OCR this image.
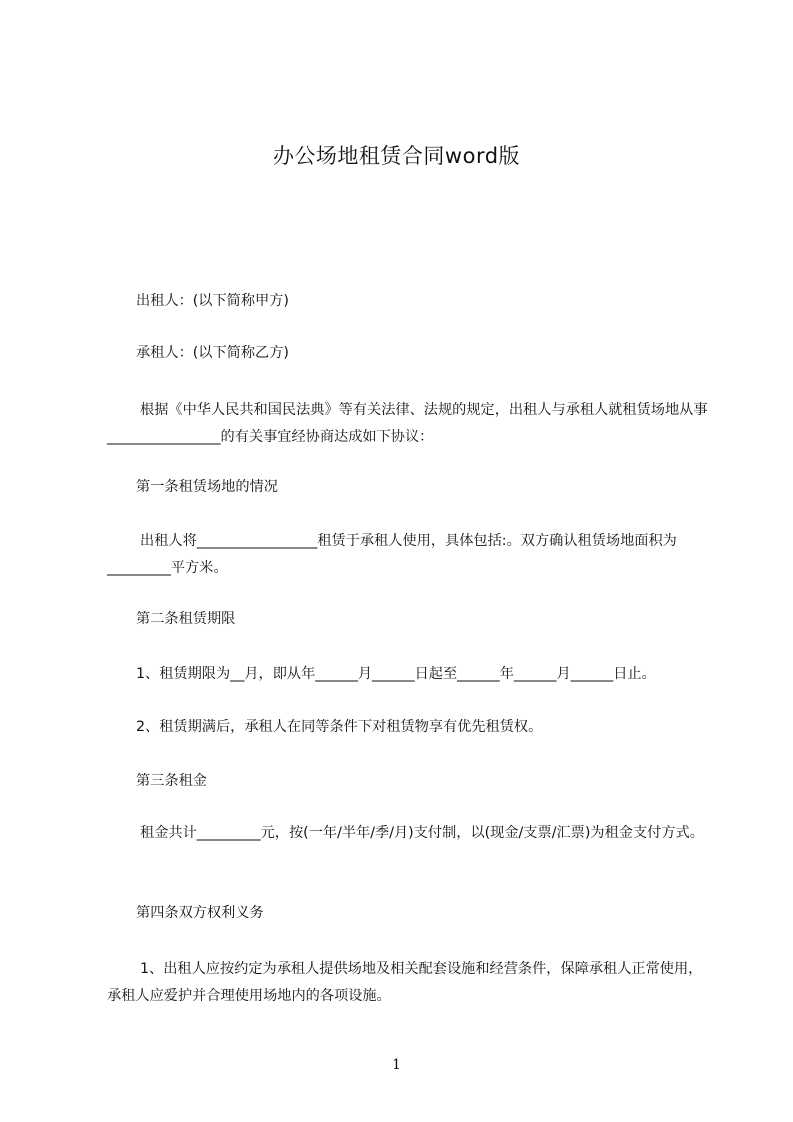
办公场地租赁合同word版

出租人：(以下简称甲方)

承租人：(以下简称乙方)

根据《中华人民共和国民法典》等有关法律、法规的规定，出租人与承租人就租赁场地从事________________的有关事宜经协商达成如下协议：

第一条租赁场地的情况

出租人将_________________租赁于承租人使用，具体包括:。双方确认租赁场地面积为_________平方米。

第二条租赁期限

1、租赁期限为__月，即从年______月______日起至______年______月______日止。

2、租赁期满后，承租人在同等条件下对租赁物享有优先租赁权。

第三条租金

租金共计_________元，按(一年/半年/季/月)支付制，以(现金/支票/汇票)为租金支付方式。

第四条双方权利义务

1、出租人应按约定为承租人提供场地及相关配套设施和经营条件，保障承租人正常使用，承租人应爱护并合理使用场地内的各项设施。

1
